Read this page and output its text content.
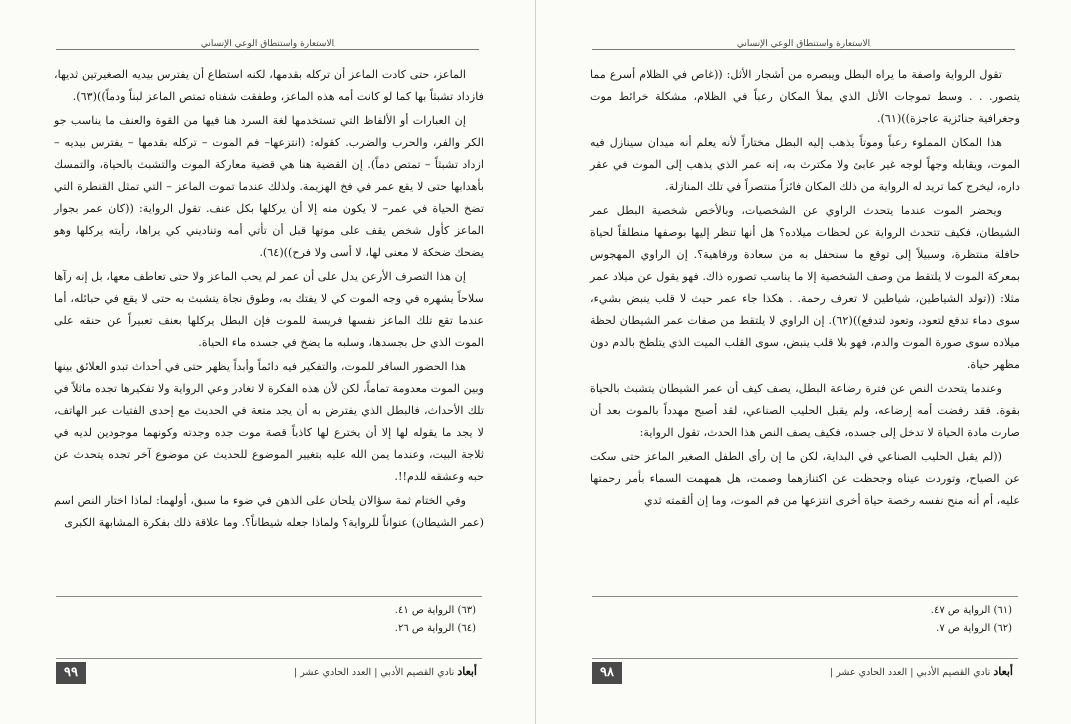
الاستعارة واستنطاق الوعي الإنساني

الماعز، حتى كادت الماعز أن تركله بقدمها، لكنه استطاع أن يفترس بيديه الصغيرتين ثديها، فازداد تشبثاً بها كما لو كانت أمه هذه الماعز، وطفقت شفتاه تمتص الماعز لبناً ودماً))(٦٣).

إن العبارات أو الألفاظ التي تستخدمها لغة السرد هنا فيها من القوة والعنف ما يناسب جو الكر والفر، والحرب والضرب. كقوله: (انتزعها– فم الموت – تركله بقدمها – يفترس بيديه – ازداد تشبثاً – تمتص دماً). إن القضية هنا هي قضية معاركة الموت والتشبث بالحياة، والتمسك بأهدابها حتى لا يقع عمر في فخ الهزيمة. ولذلك عندما تموت الماعز – التي تمثل القنطرة التي تضخ الحياة في عمر– لا يكون منه إلا أن يركلها بكل عنف. تقول الرواية: ((كان عمر بجوار الماعز كأول شخص يقف على موتها قبل أن تأتي أمه وتناديني كي يراها، رأيته يركلها وهو يضحك ضحكة لا معنى لها، لا أسى ولا فرح))(٦٤).

إن هذا التصرف الأرعن يدل على أن عمر لم يحب الماعز ولا حتى تعاطف معها، بل إنه رآها سلاحاً يشهره في وجه الموت كي لا يفتك به، وطوق نجاة يتشبث به حتى لا يقع في حبائله، أما عندما تقع تلك الماعز نفسها فريسة للموت فإن البطل يركلها بعنف تعبيراً عن حنقه على الموت الذي حل بجسدها، وسلبه ما يضخ في جسده ماء الحياة.

هذا الحضور السافر للموت، والتفكير فيه دائماً وأبداً يظهر حتى في أحداث تبدو العلائق بينها وبين الموت معدومة تماماً، لكن لأن هذه الفكرة لا تغادر وعي الرواية ولا تفكيرها تجده ماثلاً في تلك الأحداث، فالبطل الذي يفترض به أن يجد متعة في الحديث مع إحدى الفتيات عبر الهاتف، لا يجد ما يقوله لها إلا أن يخترع لها كاذباً قصة موت جده وجدته وكونهما موجودين لديه في ثلاجة البيت، وعندما يمن الله عليه بتغيير الموضوع للحديث عن موضوع آخر تجده يتحدث عن حبه وعشقه للدم!!.

وفي الختام ثمة سؤالان يلحان على الذهن في ضوء ما سبق، أولهما: لماذا اختار النص اسم (عمر الشيطان) عنواناً للرواية؟ ولماذا جعله شيطاناً؟. وما علاقة ذلك بفكرة المشابهة الكبرى

(٦٣) الرواية ص ٤١.
(٦٤) الرواية ص ٢٦.
٩٩	أبعاد نادي القصيم الأدبي | العدد الحادي عشر |
الاستعارة واستنطاق الوعي الإنساني

تقول الرواية واصفة ما يراه البطل ويبصره من أشجار الأثل: ((غاص في الظلام أسرع مما يتصور. . . وسط تموجات الأثل الذي يملأ المكان رعباً في الظلام، مشكلة خرائط موت وجغرافية جنائزية عاجزة))(٦١).

هذا المكان المملوء رعباً وموتاً يذهب إليه البطل مختاراً لأنه يعلم أنه ميدان سينازل فيه الموت، ويقابله وجهاً لوجه غير عابئ ولا مكترث به، إنه عمر الذي يذهب إلى الموت في عقر داره، ليخرج كما تريد له الرواية من ذلك المكان فائزاً منتصراً في تلك المنازلة.

ويحضر الموت عندما يتحدث الراوي عن الشخصيات، وبالأخص شخصية البطل عمر الشيطان، فكيف تتحدث الرواية عن لحظات ميلاده؟ هل أنها تنظر إليها بوصفها منطلقاً لحياة حافلة منتظرة، وسبيلاً إلى توقع ما سنحفل به من سعادة ورفاهية؟. إن الراوي المهجوس بمعركة الموت لا يلتقط من وصف الشخصية إلا ما يناسب تصوره ذاك. فهو يقول عن ميلاد عمر مثلا: ((تولد الشياطين، شياطين لا تعرف رحمة. . هكذا جاء عمر حيث لا قلب ينبض بشيء، سوى دماء تدفع لتعود، وتعود لتدفع))(٦٢). إن الراوي لا يلتقط من صفات عمر الشيطان لحظة ميلاده سوى صورة الموت والدم، فهو بلا قلب ينبض، سوى القلب الميت الذي يتلطخ بالدم دون مظهر حياة.

وعندما يتحدث النص عن فترة رضاعة البطل، يصف كيف أن عمر الشيطان يتشبث بالحياة بقوة. فقد رفضت أمه إرضاعه، ولم يقبل الحليب الصناعي، لقد أصبح مهدداً بالموت بعد أن صارت مادة الحياة لا تدخل إلى جسده، فكيف يصف النص هذا الحدث، تقول الرواية:

((لم يقبل الحليب الصناعي في البداية، لكن ما إن رأى الطفل الصغير الماعز حتى سكت عن الصياح، وتوردت عيناه وجحظت عن اكتنازهما وصمت، هل همهمت السماء بأمر رحمتها عليه، أم أنه منح نفسه رخصة حياة أخرى انتزعها من فم الموت، وما إن ألقمته ثدي

(٦١) الرواية ص ٤٧.
(٦٢) الرواية ص ٧.
٩٨	أبعاد نادي القصيم الأدبي | العدد الحادي عشر |
